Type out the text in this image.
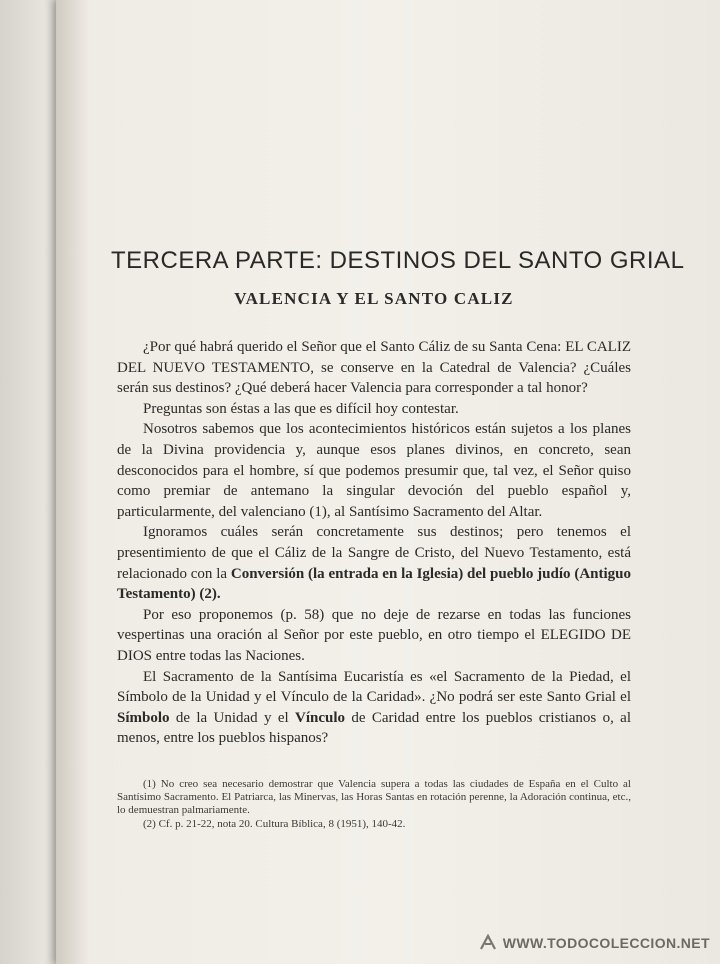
TERCERA PARTE: DESTINOS DEL SANTO GRIAL
VALENCIA Y EL SANTO CALIZ

¿Por qué habrá querido el Señor que el Santo Cáliz de su Santa Cena: EL CALIZ DEL NUEVO TESTAMENTO, se conserve en la Catedral de Valencia? ¿Cuáles serán sus destinos? ¿Qué deberá hacer Valencia para corresponder a tal honor?

Preguntas son éstas a las que es difícil hoy contestar.

Nosotros sabemos que los acontecimientos históricos están sujetos a los planes de la Divina providencia y, aunque esos planes divinos, en concreto, sean desconocidos para el hombre, sí que podemos presumir que, tal vez, el Señor quiso como premiar de antemano la singular devoción del pueblo español y, particularmente, del valenciano (1), al Santísimo Sacramento del Altar.

Ignoramos cuáles serán concretamente sus destinos; pero tenemos el presentimiento de que el Cáliz de la Sangre de Cristo, del Nuevo Testamento, está relacionado con la Conversión (la entrada en la Iglesia) del pueblo judío (Antiguo Testamento) (2).

Por eso proponemos (p. 58) que no deje de rezarse en todas las funciones vespertinas una oración al Señor por este pueblo, en otro tiempo el ELEGIDO DE DIOS entre todas las Naciones.

El Sacramento de la Santísima Eucaristía es «el Sacramento de la Piedad, el Símbolo de la Unidad y el Vínculo de la Caridad». ¿No podrá ser este Santo Grial el Símbolo de la Unidad y el Vínculo de Caridad entre los pueblos cristianos o, al menos, entre los pueblos hispanos?

(1) No creo sea necesario demostrar que Valencia supera a todas las ciudades de España en el Culto al Santísimo Sacramento. El Patriarca, las Minervas, las Horas Santas en rotación perenne, la Adoración continua, etc., lo demuestran palmariamente.

(2) Cf. p. 21-22, nota 20. Cultura Bíblica, 8 (1951), 140-42.

WWW.TODOCOLECCION.NET
